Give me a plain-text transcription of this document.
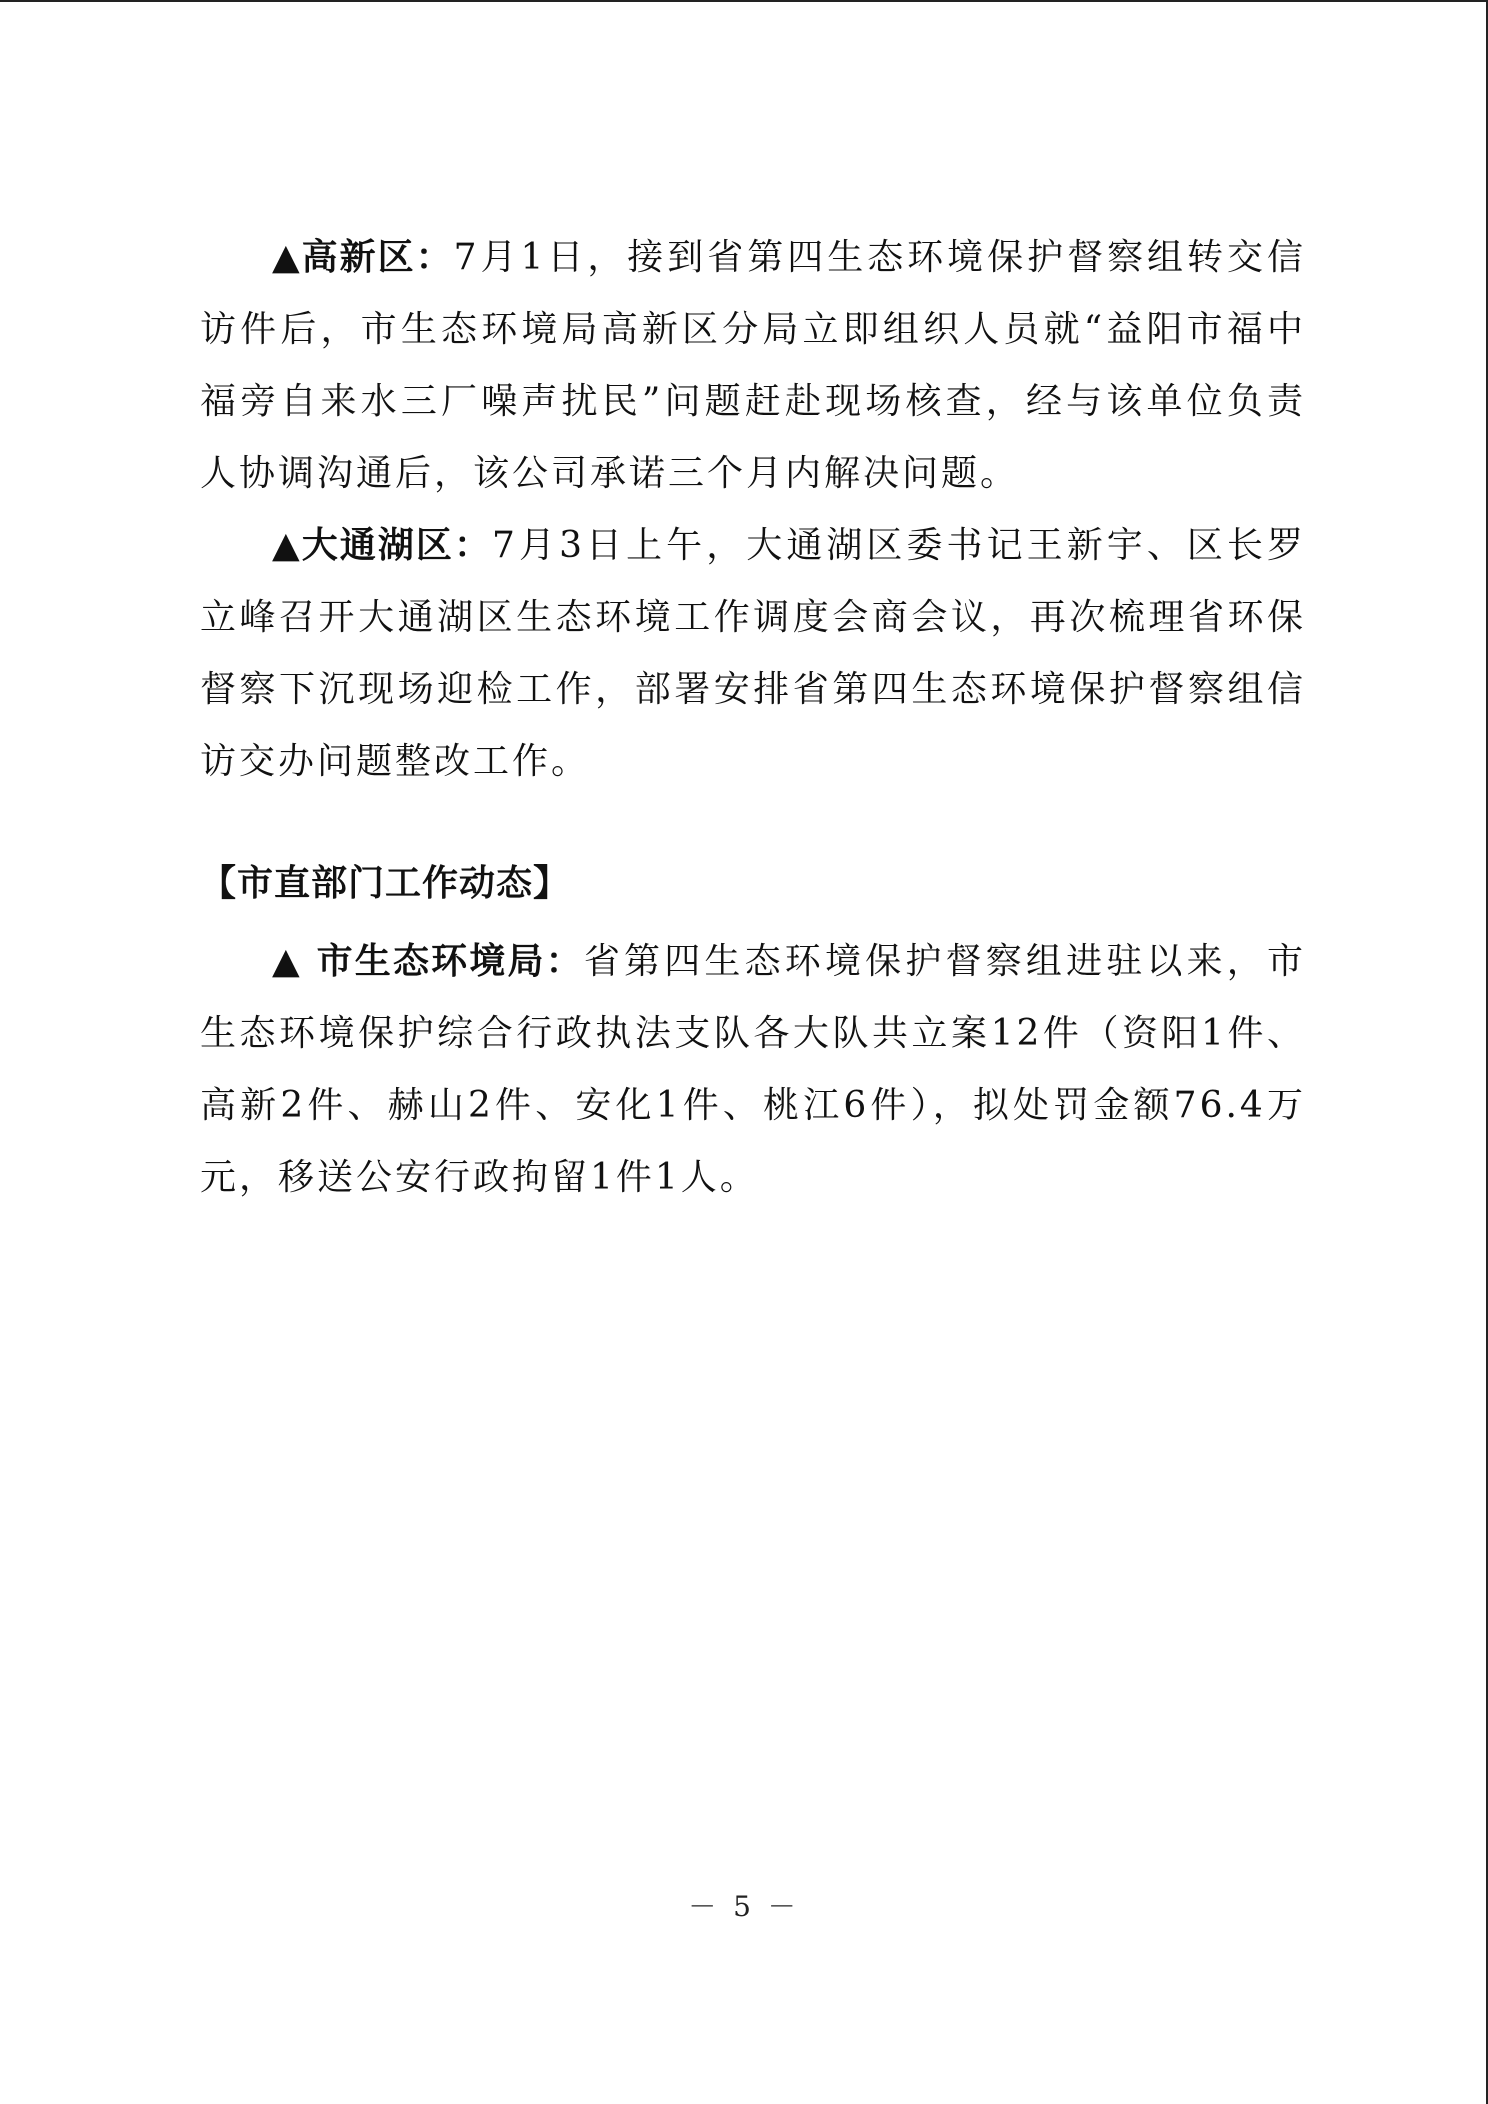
▲高新区：7月1日，接到省第四生态环境保护督察组转交信访件后，市生态环境局高新区分局立即组织人员就“益阳市福中福旁自来水三厂噪声扰民”问题赶赴现场核查，经与该单位负责人协调沟通后，该公司承诺三个月内解决问题。

▲大通湖区：7月3日上午，大通湖区委书记王新宇、区长罗立峰召开大通湖区生态环境工作调度会商会议，再次梳理省环保督察下沉现场迎检工作，部署安排省第四生态环境保护督察组信访交办问题整改工作。

【市直部门工作动态】

▲ 市生态环境局：省第四生态环境保护督察组进驻以来，市生态环境保护综合行政执法支队各大队共立案12件（资阳1件、高新2件、赫山2件、安化1件、桃江6件），拟处罚金额76.4万元，移送公安行政拘留1件1人。

－ 5 －
